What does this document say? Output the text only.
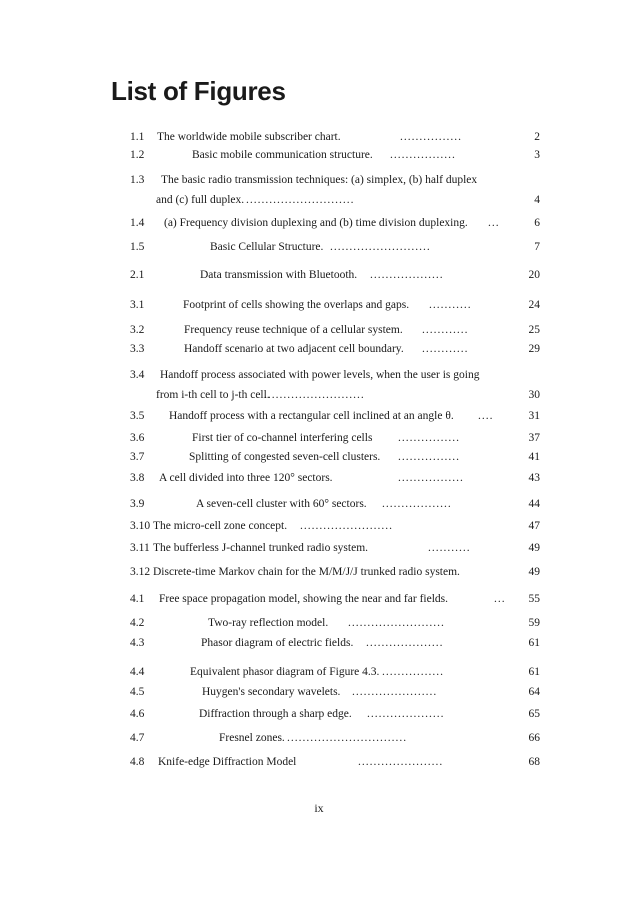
List of Figures
1.1 The worldwide mobile subscriber chart.	................	2
1.2	Basic mobile communication structure. .................	3
1.3 The basic radio transmission techniques: (a) simplex, (b) half duplex
and (c) full duplex. ............................	4
1.4 (a) Frequency division duplexing and (b) time division duplexing. ...	6
1.5	Basic Cellular Structure. ..........................	7
2.1	Data transmission with Bluetooth. ...................	20
3.1	Footprint of cells showing the overlaps and gaps. ...........	24
3.2	Frequency reuse technique of a cellular system. ............	25
3.3	Handoff scenario at two adjacent cell boundary. ............	29
3.4 Handoff process associated with power levels, when the user is going
from i-th cell to j-th cell.
..........................	30
3.5 Handoff process with a rectangular cell inclined at an angle θ. ....	31
3.6	First tier of co-channel interfering cells ................	37
3.7	Splitting of congested seven-cell clusters. ................	41
3.8 A cell divided into three 120° sectors.	.................	43
3.9	A seven-cell cluster with 60° sectors. ..................	44
3.10 The micro-cell zone concept. ........................	47
3.11 The bufferless J-channel trunked radio system.	...........	49
3.12 Discrete-time Markov chain for the M/M/J/J trunked radio system.	49
4.1 Free space propagation model, showing the near and far fields.	... 55
4.2	Two-ray reflection model. .........................	59
4.3	Phasor diagram of electric fields. ....................	61
4.4	Equivalent phasor diagram of Figure 4.3. ................	61
4.5	Huygen's secondary wavelets. ......................	64
4.6	Diffraction through a sharp edge. ....................	65
4.7	Fresnel zones. ...............................	66
4.8 Knife-edge Diffraction Model	......................	68
ix
